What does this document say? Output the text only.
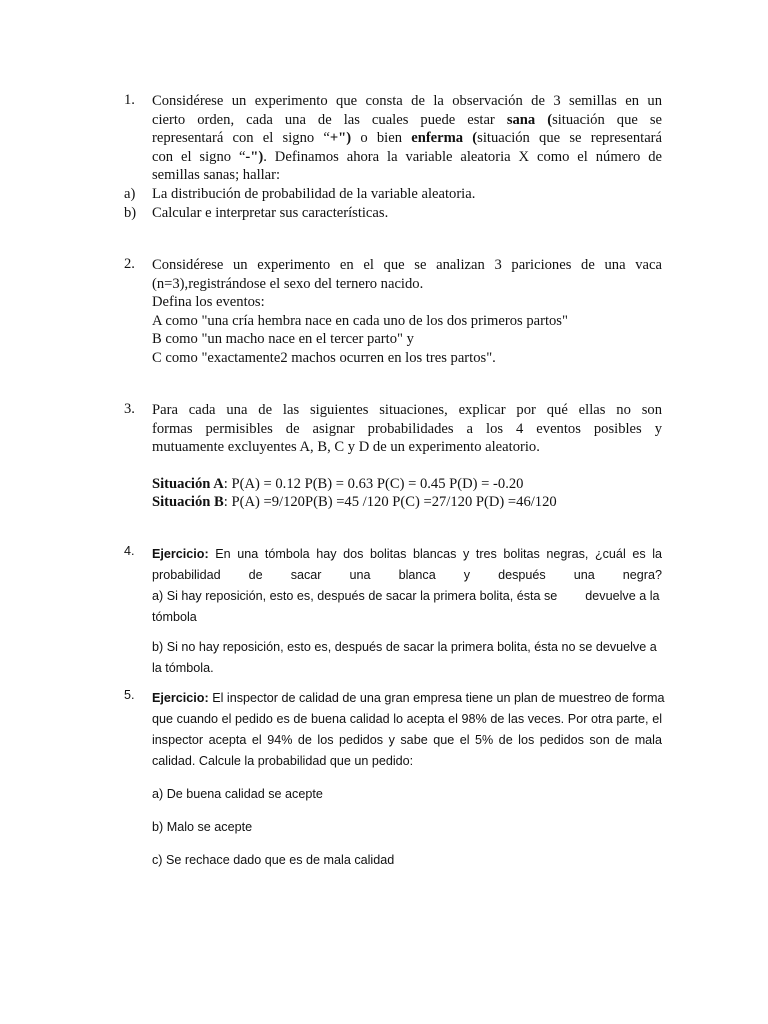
1. Considérese un experimento que consta de la observación de 3 semillas en un
cierto orden, cada una de las cuales puede estar sana (situación que se
representará con el signo “+") o bien enferma (situación que se representará
con el signo “-"). Definamos ahora la variable aleatoria X como el número de
semillas sanas; hallar:
a) La distribución de probabilidad de la variable aleatoria.
b) Calcular e interpretar sus características.
2. Considérese un experimento en el que se analizan 3 pariciones de una vaca
(n=3),registrándose el sexo del ternero nacido.
Defina los eventos:
A como "una cría hembra nace en cada uno de los dos primeros partos"
B como "un macho nace en el tercer parto" y
C como "exactamente2 machos ocurren en los tres partos".
3. Para cada una de las siguientes situaciones, explicar por qué ellas no son
formas permisibles de asignar probabilidades a los 4 eventos posibles y
mutuamente excluyentes A, B, C y D de un experimento aleatorio.
Situación A: P(A) = 0.12 P(B) = 0.63 P(C) = 0.45 P(D) = -0.20
Situación B: P(A) =9/120P(B) =45 /120 P(C) =27/120 P(D) =46/120
4. Ejercicio: En una tómbola hay dos bolitas blancas y tres bolitas negras, ¿cuál es la
probabilidad de sacar una blanca y después una negra?
a) Si hay reposición, esto es, después de sacar la primera bolita, ésta se        devuelve a la
tómbola
b) Si no hay reposición, esto es, después de sacar la primera bolita, ésta no se devuelve a
la tómbola.
5. Ejercicio: El inspector de calidad de una gran empresa tiene un plan de muestreo de forma
que cuando el pedido es de buena calidad lo acepta el 98% de las veces. Por otra parte, el
inspector acepta el 94% de los pedidos y sabe que el 5% de los pedidos son de mala
calidad. Calcule la probabilidad que un pedido:
a) De buena calidad se acepte
b) Malo se acepte
c) Se rechace dado que es de mala calidad
